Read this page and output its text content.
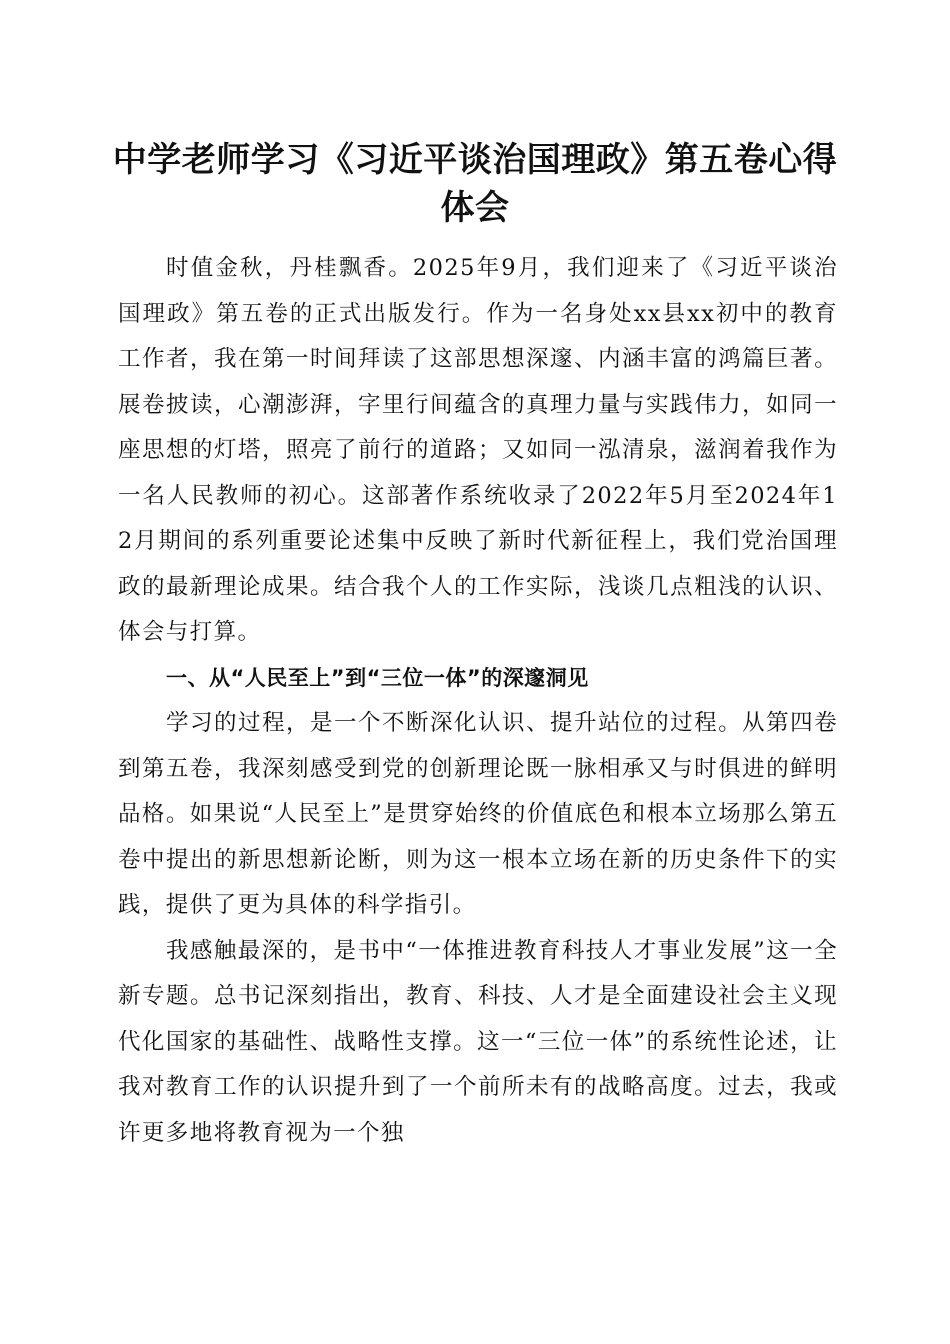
中学老师学习《习近平谈治国理政》第五卷心得体会

时值金秋，丹桂飘香。2025年9月，我们迎来了《习近平谈治国理政》第五卷的正式出版发行。作为一名身处xx县xx初中的教育工作者，我在第一时间拜读了这部思想深邃、内涵丰富的鸿篇巨著。展卷披读，心潮澎湃，字里行间蕴含的真理力量与实践伟力，如同一座思想的灯塔，照亮了前行的道路；又如同一泓清泉，滋润着我作为一名人民教师的初心。这部著作系统收录了2022年5月至2024年12月期间的系列重要论述集中反映了新时代新征程上，我们党治国理政的最新理论成果。结合我个人的工作实际，浅谈几点粗浅的认识、体会与打算。

一、从“人民至上”到“三位一体”的深邃洞见

学习的过程，是一个不断深化认识、提升站位的过程。从第四卷到第五卷，我深刻感受到党的创新理论既一脉相承又与时俱进的鲜明品格。如果说“人民至上”是贯穿始终的价值底色和根本立场那么第五卷中提出的新思想新论断，则为这一根本立场在新的历史条件下的实践，提供了更为具体的科学指引。

我感触最深的，是书中“一体推进教育科技人才事业发展”这一全新专题。总书记深刻指出，教育、科技、人才是全面建设社会主义现代化国家的基础性、战略性支撑。这一“三位一体”的系统性论述，让我对教育工作的认识提升到了一个前所未有的战略高度。过去，我或许更多地将教育视为一个独
